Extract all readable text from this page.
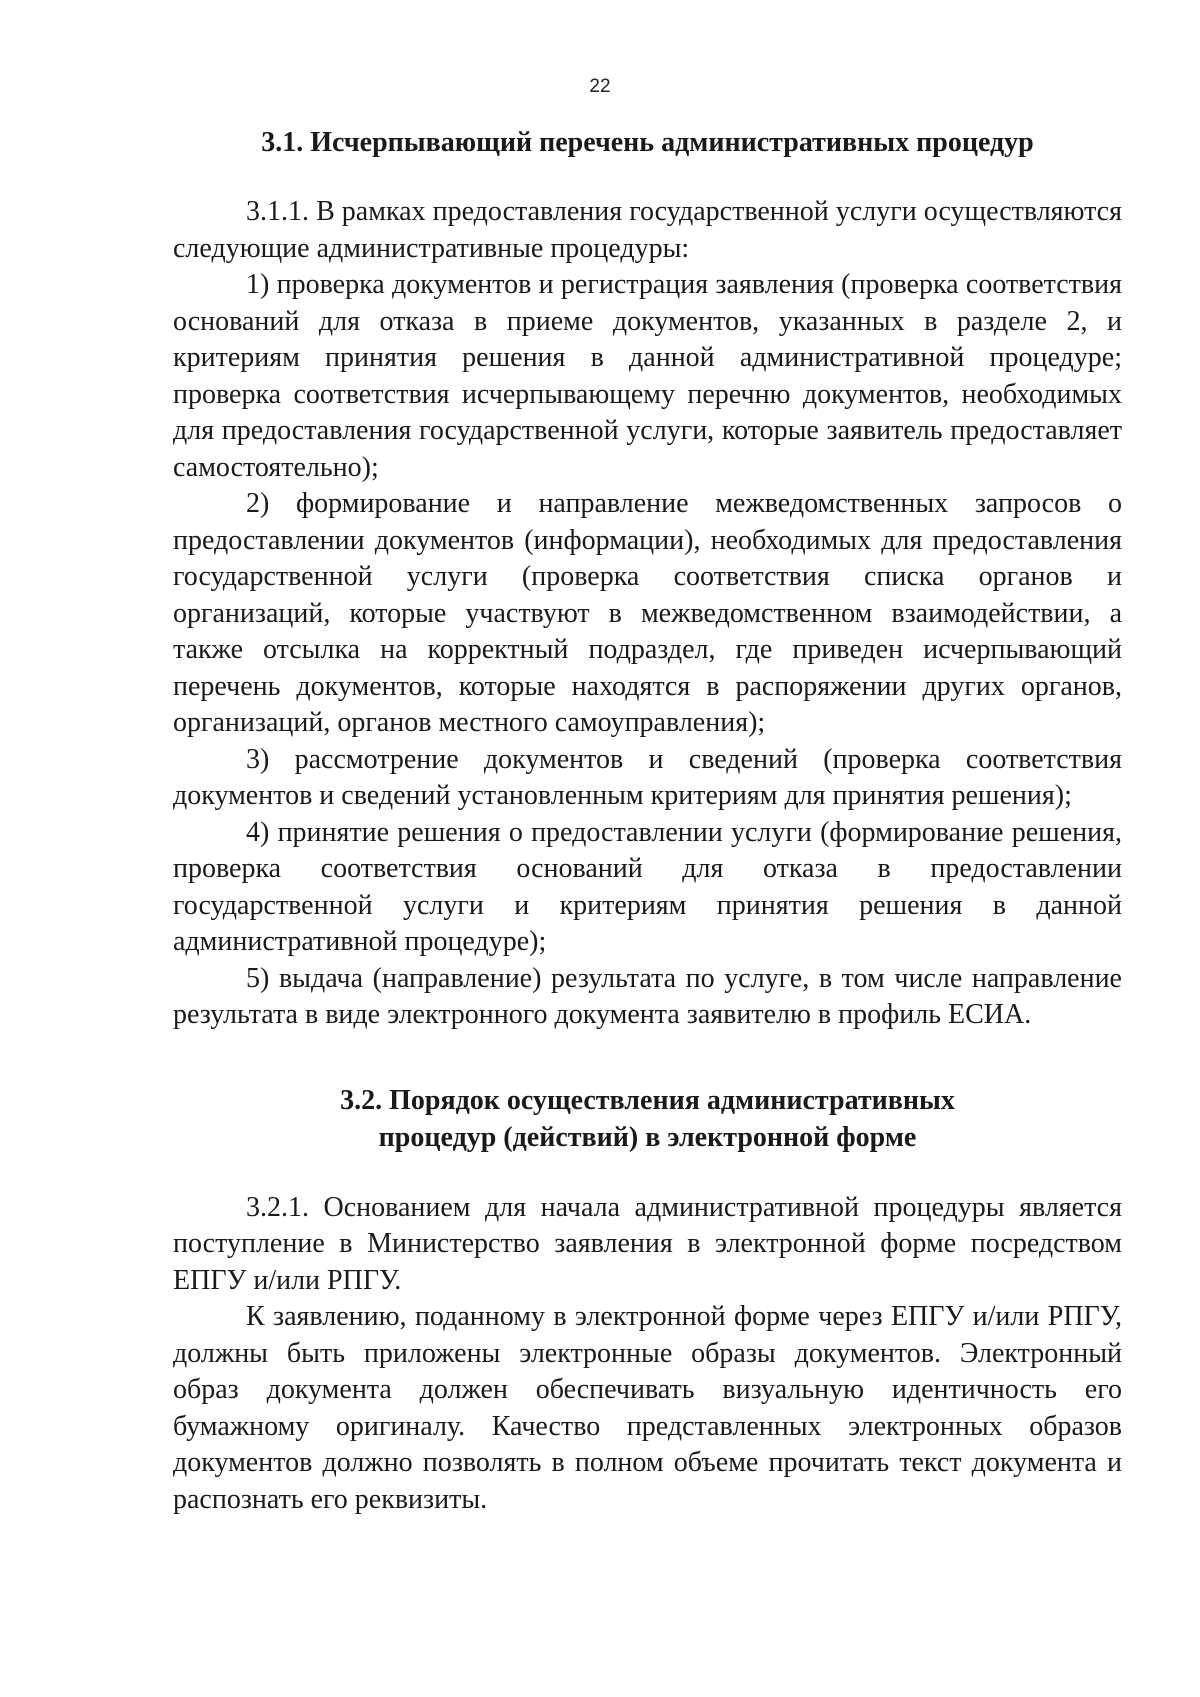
22
3.1. Исчерпывающий перечень административных процедур

3.1.1. В рамках предоставления государственной услуги осуществляются следующие административные процедуры:

1) проверка документов и регистрация заявления (проверка соответствия оснований для отказа в приеме документов, указанных в разделе 2, и критериям принятия решения в данной административной процедуре; проверка соответствия исчерпывающему перечню документов, необходимых для предоставления государственной услуги, которые заявитель предоставляет самостоятельно);

2) формирование и направление межведомственных запросов о предоставлении документов (информации), необходимых для предоставления государственной услуги (проверка соответствия списка органов и организаций, которые участвуют в межведомственном взаимодействии, а также отсылка на корректный подраздел, где приведен исчерпывающий перечень документов, которые находятся в распоряжении других органов, организаций, органов местного самоуправления);

3) рассмотрение документов и сведений (проверка соответствия документов и сведений установленным критериям для принятия решения);

4) принятие решения о предоставлении услуги (формирование решения, проверка соответствия оснований для отказа в предоставлении государственной услуги и критериям принятия решения в данной административной процедуре);

5) выдача (направление) результата по услуге, в том числе направление результата в виде электронного документа заявителю в профиль ЕСИА.

3.2. Порядок осуществления административных
процедур (действий) в электронной форме

3.2.1. Основанием для начала административной процедуры является поступление в Министерство заявления в электронной форме посредством ЕПГУ и/или РПГУ.

К заявлению, поданному в электронной форме через ЕПГУ и/или РПГУ, должны быть приложены электронные образы документов. Электронный образ документа должен обеспечивать визуальную идентичность его бумажному оригиналу. Качество представленных электронных образов документов должно позволять в полном объеме прочитать текст документа и распознать его реквизиты.
